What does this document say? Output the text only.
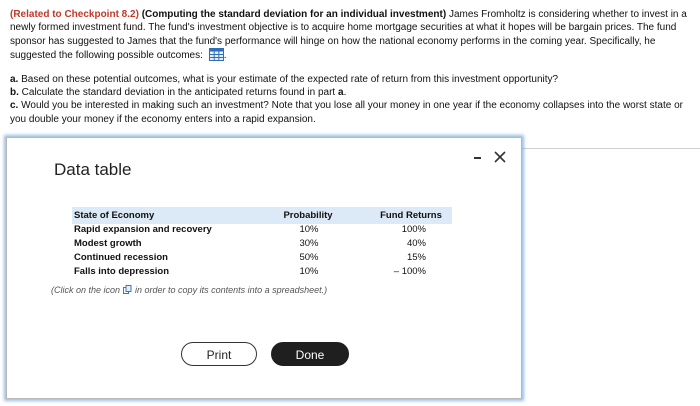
(Related to Checkpoint 8.2) (Computing the standard deviation for an individual investment) James Fromholtz is considering whether to invest in a newly formed investment fund. The fund's investment objective is to acquire home mortgage securities at what it hopes will be bargain prices. The fund sponsor has suggested to James that the fund's performance will hinge on how the national economy performs in the coming year. Specifically, he suggested the following possible outcomes: .

a. Based on these potential outcomes, what is your estimate of the expected rate of return from this investment opportunity?

b. Calculate the standard deviation in the anticipated returns found in part a.

c. Would you be interested in making such an investment? Note that you lose all your money in one year if the economy collapses into the worst state or you double your money if the economy enters into a rapid expansion.

Data table
State of Economy	Probability	Fund Returns
Rapid expansion and recovery	10%	100%
Modest growth	30%	40%
Continued recession	50%	15%
Falls into depression	10%	– 100%
(Click on the icon in order to copy its contents into a spreadsheet.)
Print	Done
